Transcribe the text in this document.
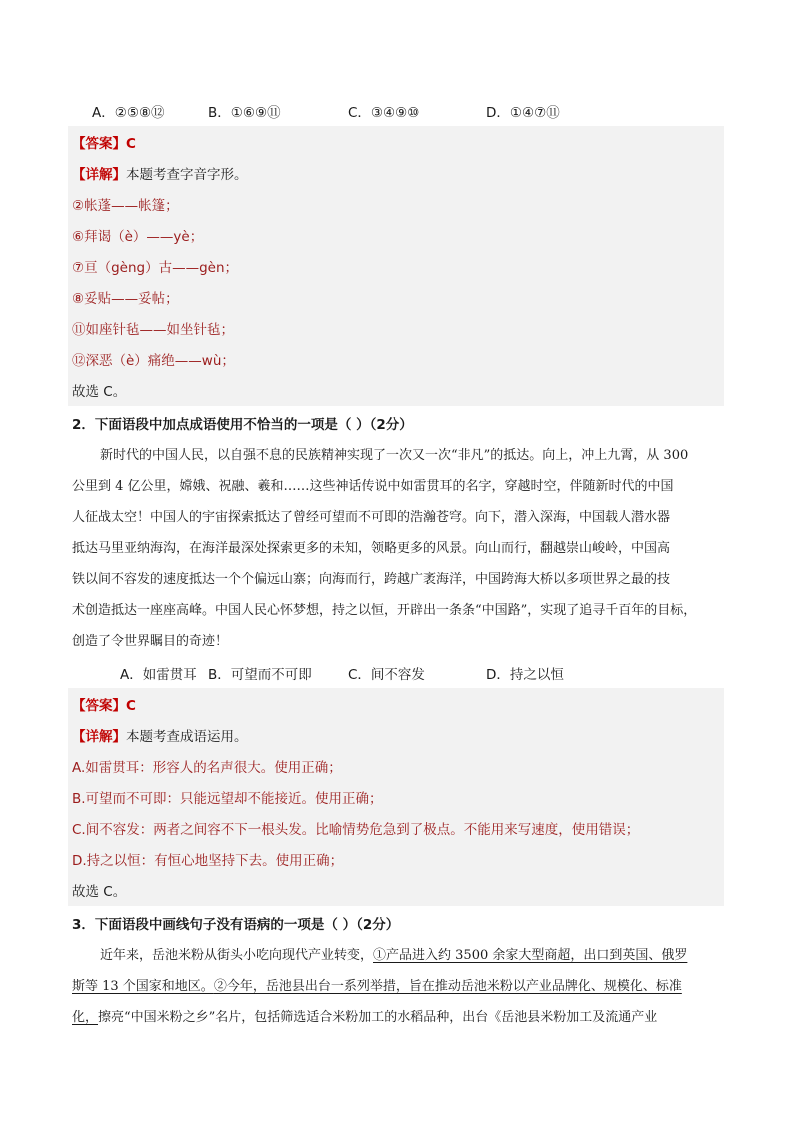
A．②⑤⑧⑫	B．①⑥⑨⑪	C．③④⑨⑩	D．①④⑦⑪
【答案】C
【详解】本题考查字音字形。
②帐蓬——帐篷；
⑥拜谒（è）——yè；
⑦亘（gèng）古——gèn；
⑧妥贴——妥帖；
⑪如座针毡——如坐针毡；
⑫深恶（è）痛绝——wù；
故选 C。
2．下面语段中加点成语使用不恰当的一项是（ ）（2分）
新时代的中国人民，以自强不息的民族精神实现了一次又一次“非凡”的抵达。向上，冲上九霄，从 300
公里到 4 亿公里，嫦娥、祝融、羲和……这些神话传说中如雷贯耳的名字，穿越时空，伴随新时代的中国
人征战太空！中国人的宇宙探索抵达了曾经可望而不可即的浩瀚苍穹。向下，潜入深海，中国载人潜水器
抵达马里亚纳海沟，在海洋最深处探索更多的未知，领略更多的风景。向山而行，翻越崇山峻岭，中国高
铁以间不容发的速度抵达一个个偏远山寨；向海而行，跨越广袤海洋，中国跨海大桥以多项世界之最的技
术创造抵达一座座高峰。中国人民心怀梦想，持之以恒，开辟出一条条“中国路”，实现了追寻千百年的目标，
创造了令世界瞩目的奇迹！
A．如雷贯耳 B．可望而不可即	C．间不容发	D．持之以恒
【答案】C
【详解】本题考查成语运用。
A.如雷贯耳：形容人的名声很大。使用正确；
B.可望而不可即：只能远望却不能接近。使用正确；
C.间不容发：两者之间容不下一根头发。比喻情势危急到了极点。不能用来写速度，使用错误；
D.持之以恒：有恒心地坚持下去。使用正确；
故选 C。
3．下面语段中画线句子没有语病的一项是（ ）（2分）
近年来，岳池米粉从街头小吃向现代产业转变，①产品进入约 3500 余家大型商超，出口到英国、俄罗
斯等 13 个国家和地区。②今年，岳池县出台一系列举措，旨在推动岳池米粉以产业品牌化、规模化、标准
化，擦亮“中国米粉之乡”名片，包括筛选适合米粉加工的水稻品种，出台《岳池县米粉加工及流通产业
